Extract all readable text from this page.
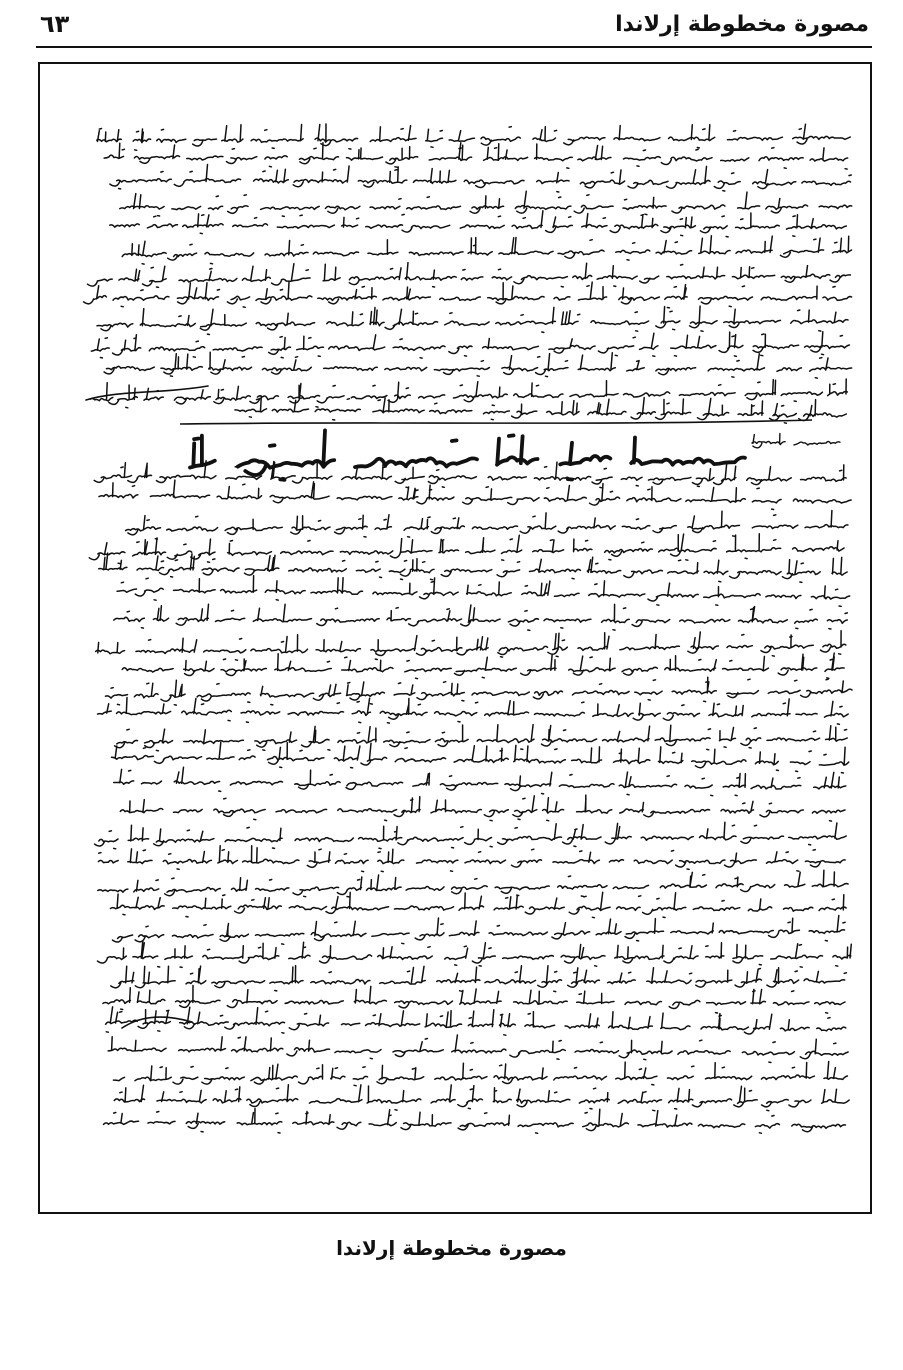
مصورة مخطوطة إرلاندا
٦٣
مصورة مخطوطة إرلاندا
